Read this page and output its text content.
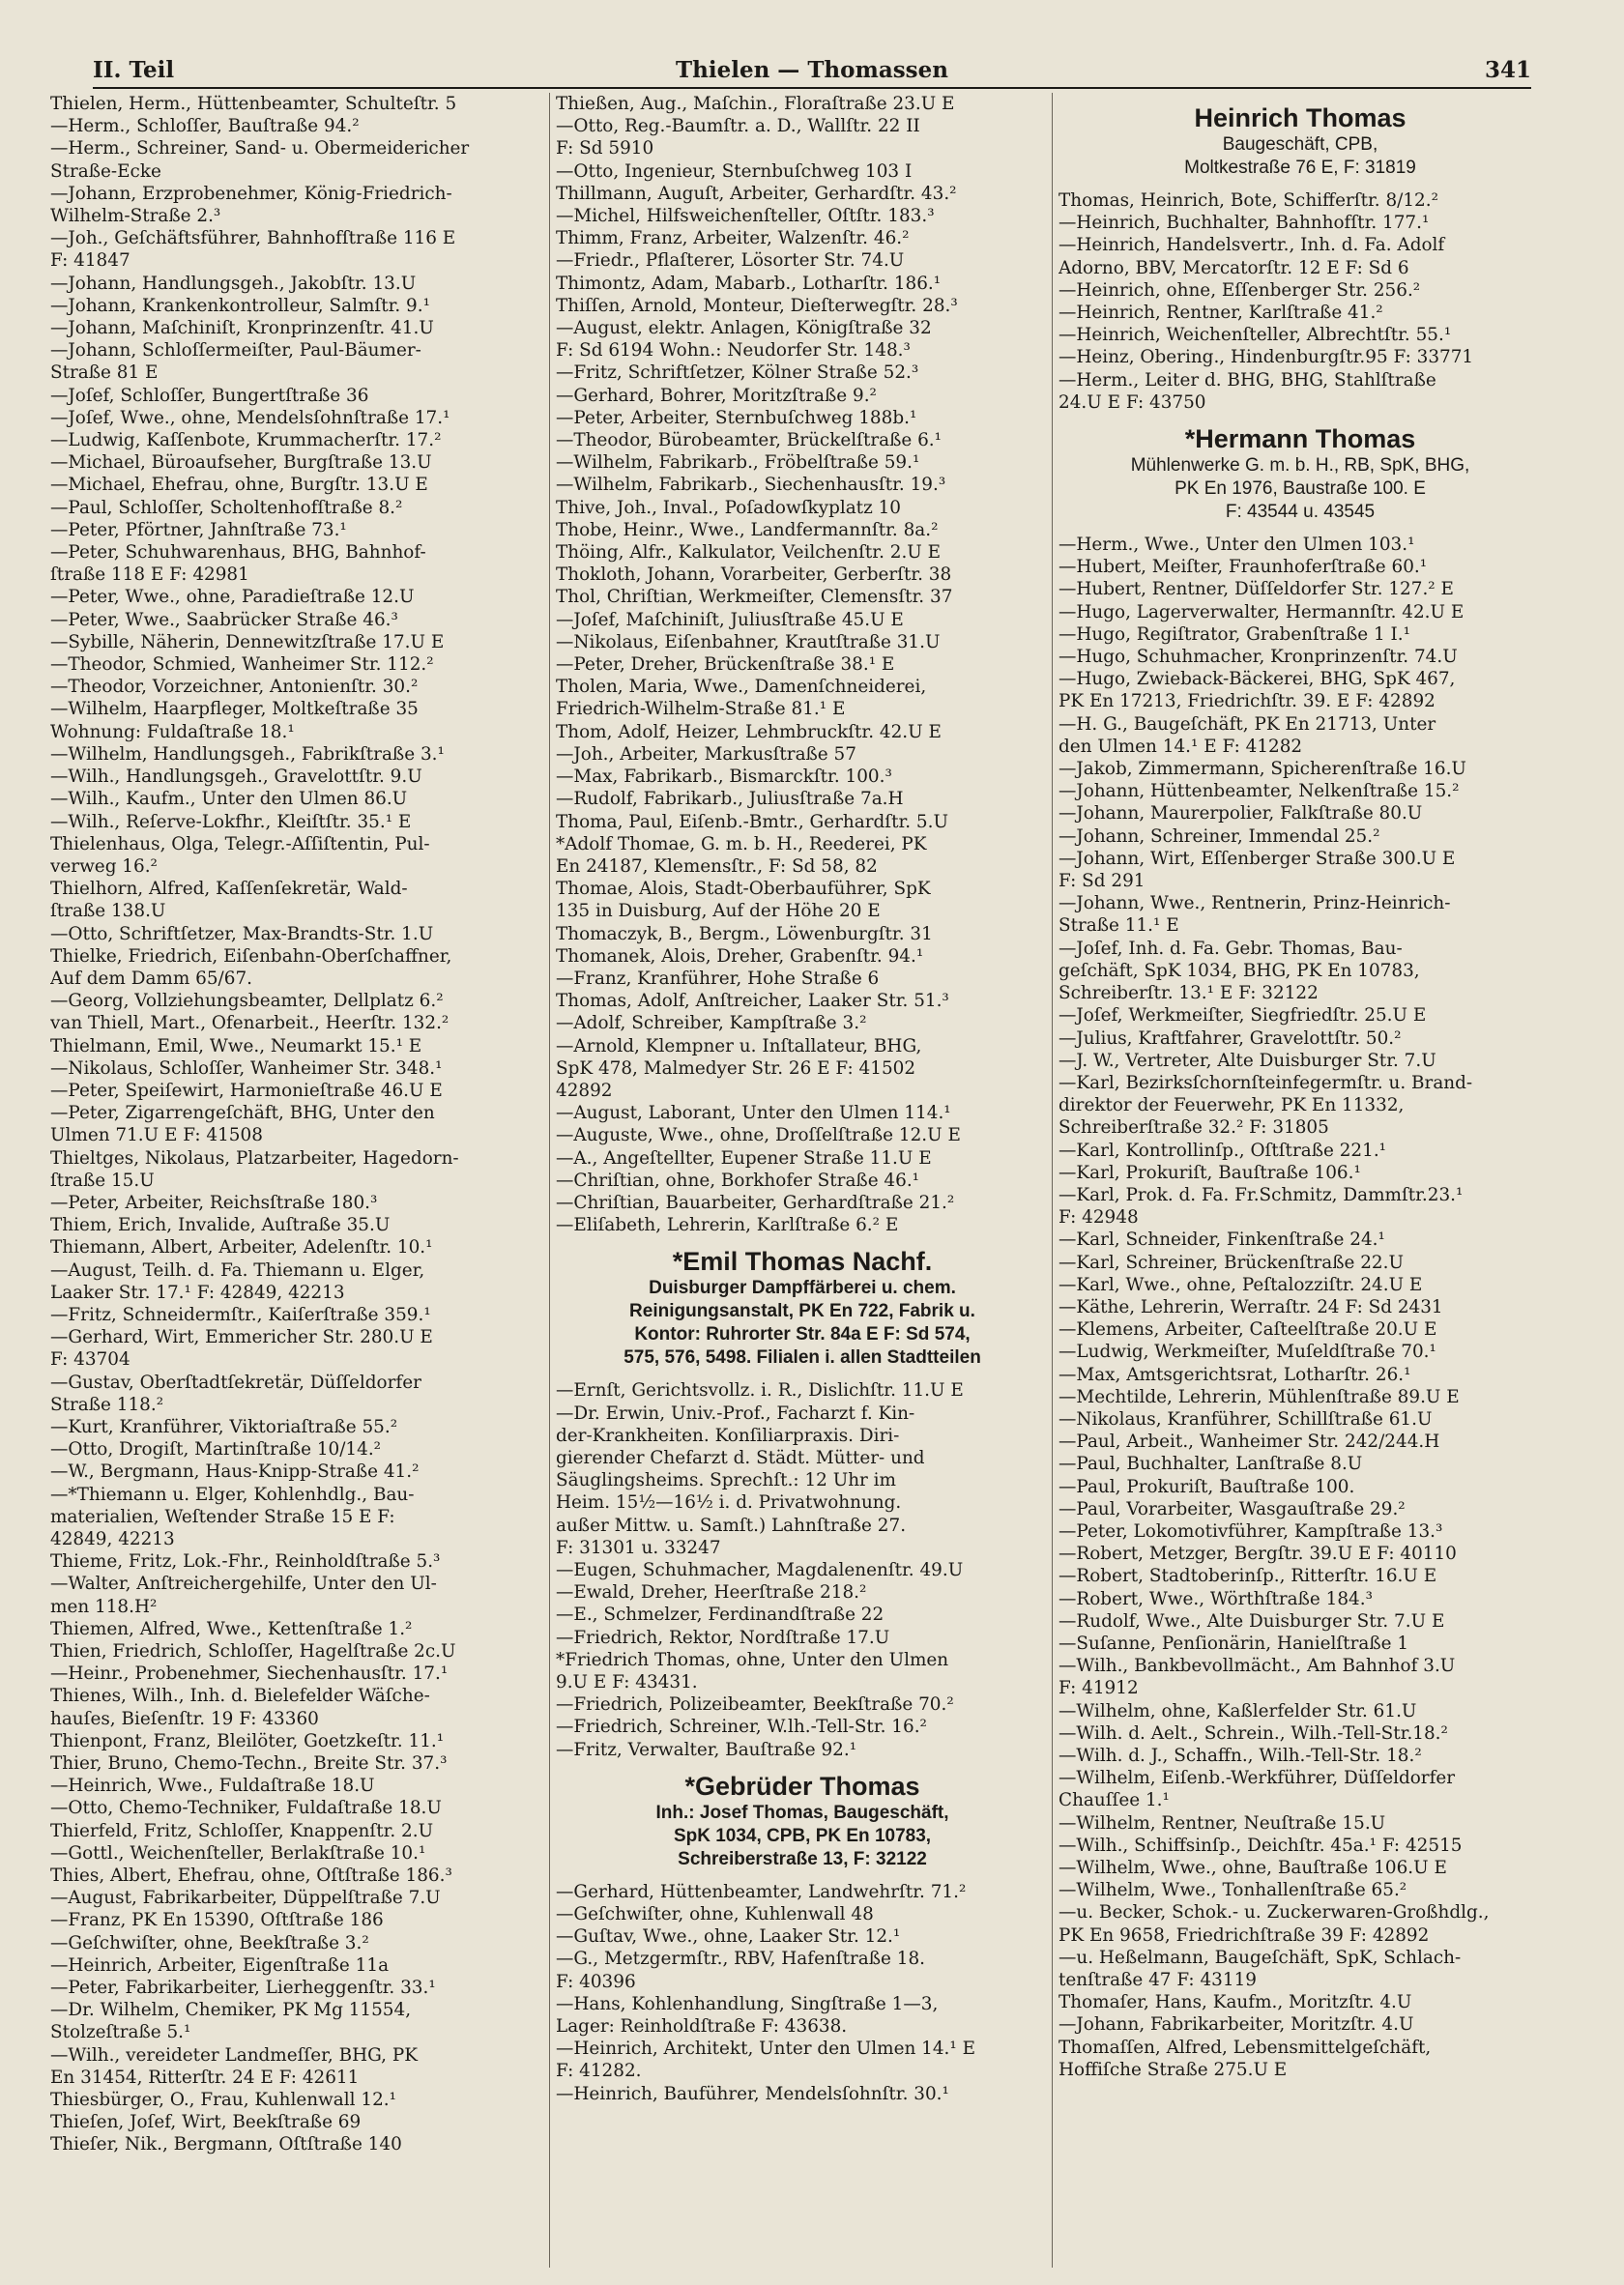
II. Teil	Thielen — Thomassen	341
Thielen, Herm., Hüttenbeamter, Schulteſtr. 5
—Herm., Schloſſer, Bauſtraße 94.²
—Herm., Schreiner, Sand- u. Obermeidericher
Straße-Ecke
—Johann, Erzprobenehmer, König-Friedrich-
Wilhelm-Straße 2.³
—Joh., Geſchäftsführer, Bahnhofſtraße 116 E
F: 41847
—Johann, Handlungsgeh., Jakobſtr. 13.U
—Johann, Krankenkontrolleur, Salmſtr. 9.¹
—Johann, Maſchiniſt, Kronprinzenſtr. 41.U
—Johann, Schloſſermeiſter, Paul-Bäumer-
Straße 81 E
—Joſef, Schloſſer, Bungertſtraße 36
—Joſef, Wwe., ohne, Mendelsſohnſtraße 17.¹
—Ludwig, Kaſſenbote, Krummacherſtr. 17.²
—Michael, Büroaufseher, Burgſtraße 13.U
—Michael, Ehefrau, ohne, Burgſtr. 13.U E
—Paul, Schloſſer, Scholtenhofſtraße 8.²
—Peter, Pförtner, Jahnſtraße 73.¹
—Peter, Schuhwarenhaus, BHG, Bahnhof-
ſtraße 118 E F: 42981
—Peter, Wwe., ohne, Paradieſtraße 12.U
—Peter, Wwe., Saabrücker Straße 46.³
—Sybille, Näherin, Dennewitzſtraße 17.U E
—Theodor, Schmied, Wanheimer Str. 112.²
—Theodor, Vorzeichner, Antonienſtr. 30.²
—Wilhelm, Haarpfleger, Moltkeſtraße 35
Wohnung: Fuldaſtraße 18.¹
—Wilhelm, Handlungsgeh., Fabrikſtraße 3.¹
—Wilh., Handlungsgeh., Gravelottſtr. 9.U
—Wilh., Kaufm., Unter den Ulmen 86.U
—Wilh., Reſerve-Lokfhr., Kleiſtſtr. 35.¹ E
Thielenhaus, Olga, Telegr.-Aſſiſtentin, Pul-
verweg 16.²
Thielhorn, Alfred, Kaſſenſekretär, Wald-
ſtraße 138.U
—Otto, Schriftſetzer, Max-Brandts-Str. 1.U
Thielke, Friedrich, Eiſenbahn-Oberſchaffner,
Auf dem Damm 65/67.
—Georg, Vollziehungsbeamter, Dellplatz 6.²
van Thiell, Mart., Ofenarbeit., Heerſtr. 132.²
Thielmann, Emil, Wwe., Neumarkt 15.¹ E
—Nikolaus, Schloſſer, Wanheimer Str. 348.¹
—Peter, Speiſewirt, Harmonieſtraße 46.U E
—Peter, Zigarrengeſchäft, BHG, Unter den
Ulmen 71.U E F: 41508
Thieltges, Nikolaus, Platzarbeiter, Hagedorn-
ſtraße 15.U
—Peter, Arbeiter, Reichsſtraße 180.³
Thiem, Erich, Invalide, Auſtraße 35.U
Thiemann, Albert, Arbeiter, Adelenſtr. 10.¹
—August, Teilh. d. Fa. Thiemann u. Elger,
Laaker Str. 17.¹ F: 42849, 42213
—Fritz, Schneidermſtr., Kaiſerſtraße 359.¹
—Gerhard, Wirt, Emmericher Str. 280.U E
F: 43704
—Gustav, Oberſtadtſekretär, Düſſeldorfer
Straße 118.²
—Kurt, Kranführer, Viktoriaſtraße 55.²
—Otto, Drogiſt, Martinſtraße 10/14.²
—W., Bergmann, Haus-Knipp-Straße 41.²
—*Thiemann u. Elger, Kohlenhdlg., Bau-
materialien, Weſtender Straße 15 E F:
42849, 42213
Thieme, Fritz, Lok.-Fhr., Reinholdſtraße 5.³
—Walter, Anſtreichergehilfe, Unter den Ul-
men 118.H²
Thiemen, Alfred, Wwe., Kettenſtraße 1.²
Thien, Friedrich, Schloſſer, Hagelſtraße 2c.U
—Heinr., Probenehmer, Siechenhausſtr. 17.¹
Thienes, Wilh., Inh. d. Bielefelder Wäſche-
hauſes, Bieſenſtr. 19 F: 43360
Thienpont, Franz, Bleilöter, Goetzkeſtr. 11.¹
Thier, Bruno, Chemo-Techn., Breite Str. 37.³
—Heinrich, Wwe., Fuldaſtraße 18.U
—Otto, Chemo-Techniker, Fuldaſtraße 18.U
Thierfeld, Fritz, Schloſſer, Knappenſtr. 2.U
—Gottl., Weichenſteller, Berlakſtraße 10.¹
Thies, Albert, Ehefrau, ohne, Oſtſtraße 186.³
—August, Fabrikarbeiter, Düppelſtraße 7.U
—Franz, PK En 15390, Oſtſtraße 186
—Geſchwiſter, ohne, Beekſtraße 3.²
—Heinrich, Arbeiter, Eigenſtraße 11a
—Peter, Fabrikarbeiter, Lierheggenſtr. 33.¹
—Dr. Wilhelm, Chemiker, PK Mg 11554,
Stolzeſtraße 5.¹
—Wilh., vereideter Landmeſſer, BHG, PK
En 31454, Ritterſtr. 24 E F: 42611
Thiesbürger, O., Frau, Kuhlenwall 12.¹
Thieſen, Joſef, Wirt, Beekſtraße 69
Thieſer, Nik., Bergmann, Oſtſtraße 140
Thießen, Aug., Maſchin., Floraſtraße 23.U E
—Otto, Reg.-Baumſtr. a. D., Wallſtr. 22 II
F: Sd 5910
—Otto, Ingenieur, Sternbuſchweg 103 I
Thillmann, Auguſt, Arbeiter, Gerhardſtr. 43.²
—Michel, Hilfsweichenſteller, Oſtſtr. 183.³
Thimm, Franz, Arbeiter, Walzenſtr. 46.²
—Friedr., Pflaſterer, Lösorter Str. 74.U
Thimontz, Adam, Mabarb., Lotharſtr. 186.¹
Thiſſen, Arnold, Monteur, Dieſterwegſtr. 28.³
—August, elektr. Anlagen, Königſtraße 32
F: Sd 6194 Wohn.: Neudorfer Str. 148.³
—Fritz, Schriftſetzer, Kölner Straße 52.³
—Gerhard, Bohrer, Moritzſtraße 9.²
—Peter, Arbeiter, Sternbuſchweg 188b.¹
—Theodor, Bürobeamter, Brückelſtraße 6.¹
—Wilhelm, Fabrikarb., Fröbelſtraße 59.¹
—Wilhelm, Fabrikarb., Siechenhausſtr. 19.³
Thive, Joh., Inval., Poſadowſkyplatz 10
Thobe, Heinr., Wwe., Landfermannſtr. 8a.²
Thöing, Alfr., Kalkulator, Veilchenſtr. 2.U E
Thokloth, Johann, Vorarbeiter, Gerberſtr. 38
Thol, Chriſtian, Werkmeiſter, Clemensſtr. 37
—Joſef, Maſchiniſt, Juliusſtraße 45.U E
—Nikolaus, Eiſenbahner, Krautſtraße 31.U
—Peter, Dreher, Brückenſtraße 38.¹ E
Tholen, Maria, Wwe., Damenſchneiderei,
Friedrich-Wilhelm-Straße 81.¹ E
Thom, Adolf, Heizer, Lehmbruckſtr. 42.U E
—Joh., Arbeiter, Markusſtraße 57
—Max, Fabrikarb., Bismarckſtr. 100.³
—Rudolf, Fabrikarb., Juliusſtraße 7a.H
Thoma, Paul, Eiſenb.-Bmtr., Gerhardſtr. 5.U
*Adolf Thomae, G. m. b. H., Reederei, PK
En 24187, Klemensſtr., F: Sd 58, 82
Thomae, Alois, Stadt-Oberbauführer, SpK
135 in Duisburg, Auf der Höhe 20 E
Thomaczyk, B., Bergm., Löwenburgſtr. 31
Thomanek, Alois, Dreher, Grabenſtr. 94.¹
—Franz, Kranführer, Hohe Straße 6
Thomas, Adolf, Anſtreicher, Laaker Str. 51.³
—Adolf, Schreiber, Kampſtraße 3.²
—Arnold, Klempner u. Inſtallateur, BHG,
SpK 478, Malmedyer Str. 26 E F: 41502
42892
—August, Laborant, Unter den Ulmen 114.¹
—Auguste, Wwe., ohne, Droſſelſtraße 12.U E
—A., Angeſtellter, Eupener Straße 11.U E
—Chriſtian, ohne, Borkhofer Straße 46.¹
—Chriſtian, Bauarbeiter, Gerhardſtraße 21.²
—Eliſabeth, Lehrerin, Karlſtraße 6.² E
*Emil Thomas Nachf.
Duisburger Dampffärberei u. chem.
Reinigungsanstalt, PK En 722, Fabrik u.
Kontor: Ruhrorter Str. 84a E F: Sd 574,
575, 576, 5498. Filialen i. allen Stadtteilen
—Ernſt, Gerichtsvollz. i. R., Dislichſtr. 11.U E
—Dr. Erwin, Univ.-Prof., Facharzt f. Kin-
der-Krankheiten. Konſiliarpraxis. Diri-
gierender Chefarzt d. Städt. Mütter- und
Säuglingsheims. Sprechſt.: 12 Uhr im
Heim. 15½—16½ i. d. Privatwohnung.
außer Mittw. u. Samſt.) Lahnſtraße 27.
F: 31301 u. 33247
—Eugen, Schuhmacher, Magdalenenſtr. 49.U
—Ewald, Dreher, Heerſtraße 218.²
—E., Schmelzer, Ferdinandſtraße 22
—Friedrich, Rektor, Nordſtraße 17.U
*Friedrich Thomas, ohne, Unter den Ulmen
9.U E F: 43431.
—Friedrich, Polizeibeamter, Beekſtraße 70.²
—Friedrich, Schreiner, W.lh.-Tell-Str. 16.²
—Fritz, Verwalter, Bauſtraße 92.¹
*Gebrüder Thomas
Inh.: Josef Thomas, Baugeschäft,
SpK 1034, CPB, PK En 10783,
Schreiberstraße 13, F: 32122
—Gerhard, Hüttenbeamter, Landwehrſtr. 71.²
—Geſchwiſter, ohne, Kuhlenwall 48
—Guſtav, Wwe., ohne, Laaker Str. 12.¹
—G., Metzgermſtr., RBV, Hafenſtraße 18.
F: 40396
—Hans, Kohlenhandlung, Singſtraße 1—3,
Lager: Reinholdſtraße F: 43638.
—Heinrich, Architekt, Unter den Ulmen 14.¹ E
F: 41282.
—Heinrich, Bauführer, Mendelsſohnſtr. 30.¹
Heinrich Thomas
Baugeschäft, CPB,
Moltkestraße 76 E, F: 31819
Thomas, Heinrich, Bote, Schifferſtr. 8/12.²
—Heinrich, Buchhalter, Bahnhofſtr. 177.¹
—Heinrich, Handelsvertr., Inh. d. Fa. Adolf
Adorno, BBV, Mercatorſtr. 12 E F: Sd 6
—Heinrich, ohne, Eſſenberger Str. 256.²
—Heinrich, Rentner, Karlſtraße 41.²
—Heinrich, Weichenſteller, Albrechtſtr. 55.¹
—Heinz, Obering., Hindenburgſtr.95 F: 33771
—Herm., Leiter d. BHG, BHG, Stahlſtraße
24.U E F: 43750
*Hermann Thomas
Mühlenwerke G. m. b. H., RB, SpK, BHG,
PK En 1976, Baustraße 100. E
F: 43544 u. 43545
—Herm., Wwe., Unter den Ulmen 103.¹
—Hubert, Meiſter, Fraunhoferſtraße 60.¹
—Hubert, Rentner, Düſſeldorfer Str. 127.² E
—Hugo, Lagerverwalter, Hermannſtr. 42.U E
—Hugo, Regiſtrator, Grabenſtraße 1 I.¹
—Hugo, Schuhmacher, Kronprinzenſtr. 74.U
—Hugo, Zwieback-Bäckerei, BHG, SpK 467,
PK En 17213, Friedrichſtr. 39. E F: 42892
—H. G., Baugeſchäft, PK En 21713, Unter
den Ulmen 14.¹ E F: 41282
—Jakob, Zimmermann, Spicherenſtraße 16.U
—Johann, Hüttenbeamter, Nelkenſtraße 15.²
—Johann, Maurerpolier, Falkſtraße 80.U
—Johann, Schreiner, Immendal 25.²
—Johann, Wirt, Eſſenberger Straße 300.U E
F: Sd 291
—Johann, Wwe., Rentnerin, Prinz-Heinrich-
Straße 11.¹ E
—Joſef, Inh. d. Fa. Gebr. Thomas, Bau-
geſchäft, SpK 1034, BHG, PK En 10783,
Schreiberſtr. 13.¹ E F: 32122
—Joſef, Werkmeiſter, Siegfriedſtr. 25.U E
—Julius, Kraftfahrer, Gravelottſtr. 50.²
—J. W., Vertreter, Alte Duisburger Str. 7.U
—Karl, Bezirksſchornſteinfegermſtr. u. Brand-
direktor der Feuerwehr, PK En 11332,
Schreiberſtraße 32.² F: 31805
—Karl, Kontrollinſp., Oſtſtraße 221.¹
—Karl, Prokuriſt, Bauſtraße 106.¹
—Karl, Prok. d. Fa. Fr.Schmitz, Dammſtr.23.¹
F: 42948
—Karl, Schneider, Finkenſtraße 24.¹
—Karl, Schreiner, Brückenſtraße 22.U
—Karl, Wwe., ohne, Peſtalozziſtr. 24.U E
—Käthe, Lehrerin, Werraſtr. 24 F: Sd 2431
—Klemens, Arbeiter, Caſteelſtraße 20.U E
—Ludwig, Werkmeiſter, Muſeldſtraße 70.¹
—Max, Amtsgerichtsrat, Lotharſtr. 26.¹
—Mechtilde, Lehrerin, Mühlenſtraße 89.U E
—Nikolaus, Kranführer, Schillſtraße 61.U
—Paul, Arbeit., Wanheimer Str. 242/244.H
—Paul, Buchhalter, Lanſtraße 8.U
—Paul, Prokuriſt, Bauſtraße 100.
—Paul, Vorarbeiter, Wasgauſtraße 29.²
—Peter, Lokomotivführer, Kampſtraße 13.³
—Robert, Metzger, Bergſtr. 39.U E F: 40110
—Robert, Stadtoberinſp., Ritterſtr. 16.U E
—Robert, Wwe., Wörthſtraße 184.³
—Rudolf, Wwe., Alte Duisburger Str. 7.U E
—Suſanne, Penſionärin, Hanielſtraße 1
—Wilh., Bankbevollmächt., Am Bahnhof 3.U
F: 41912
—Wilhelm, ohne, Kaßlerfelder Str. 61.U
—Wilh. d. Aelt., Schrein., Wilh.-Tell-Str.18.²
—Wilh. d. J., Schaffn., Wilh.-Tell-Str. 18.²
—Wilhelm, Eiſenb.-Werkführer, Düſſeldorfer
Chauſſee 1.¹
—Wilhelm, Rentner, Neuſtraße 15.U
—Wilh., Schiffsinſp., Deichſtr. 45a.¹ F: 42515
—Wilhelm, Wwe., ohne, Bauſtraße 106.U E
—Wilhelm, Wwe., Tonhallenſtraße 65.²
—u. Becker, Schok.- u. Zuckerwaren-Großhdlg.,
PK En 9658, Friedrichſtraße 39 F: 42892
—u. Heßelmann, Baugeſchäft, SpK, Schlach-
tenſtraße 47 F: 43119
Thomaſer, Hans, Kaufm., Moritzſtr. 4.U
—Johann, Fabrikarbeiter, Moritzſtr. 4.U
Thomaſſen, Alfred, Lebensmittelgeſchäft,
Hoffiſche Straße 275.U E
